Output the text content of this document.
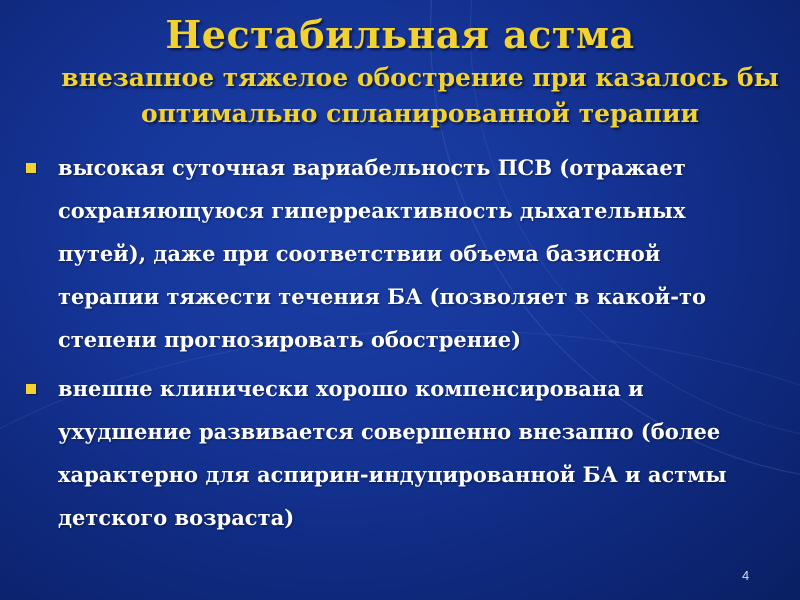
Нестабильная астма
внезапное тяжелое обострение при казалось бы оптимально спланированной терапии
высокая суточная вариабельность ПСВ (отражает сохраняющуюся гиперреактивность дыхательных путей), даже при соответствии объема базисной терапии тяжести течения БА (позволяет в какой-то степени прогнозировать обострение)
внешне клинически хорошо компенсирована и ухудшение развивается совершенно внезапно (более характерно для аспирин-индуцированной БА и астмы детского возраста)
4
